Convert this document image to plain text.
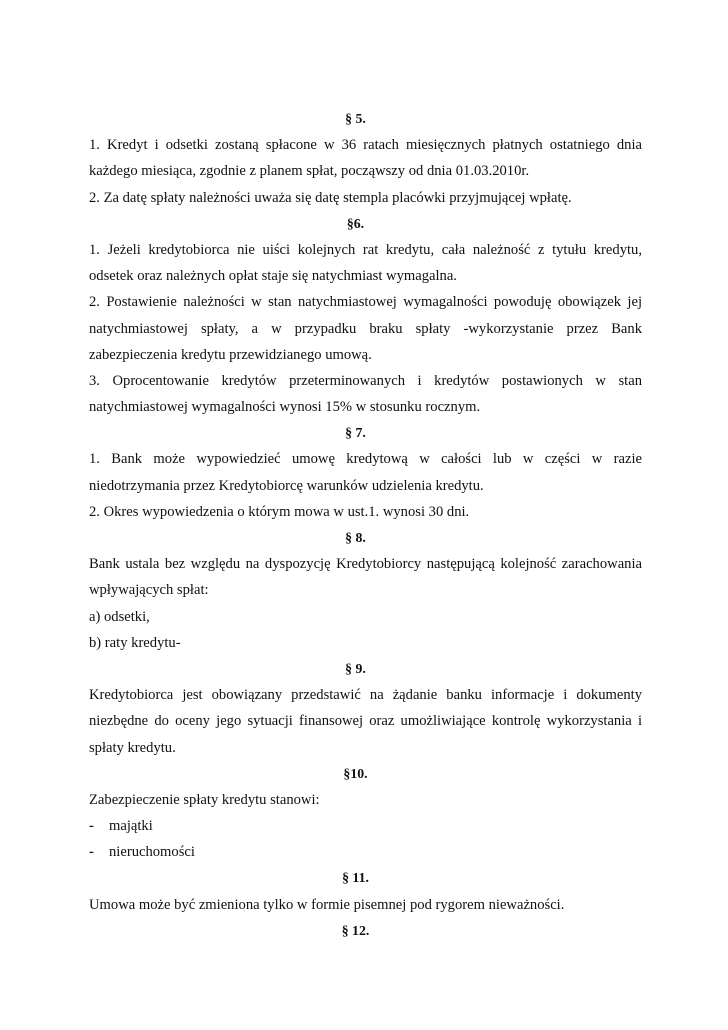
§ 5.
1. Kredyt i odsetki zostaną spłacone w 36 ratach miesięcznych płatnych ostatniego dnia
każdego miesiąca, zgodnie z planem spłat, począwszy od dnia 01.03.2010r.
2. Za datę spłaty należności uważa się datę stempla placówki przyjmującej wpłatę.
§6.
1. Jeżeli kredytobiorca nie uiści kolejnych rat kredytu, cała należność z tytułu kredytu,
odsetek oraz należnych opłat staje się natychmiast wymagalna.
2. Postawienie należności w stan natychmiastowej wymagalności powoduję obowiązek jej
natychmiastowej spłaty, a w przypadku braku spłaty -wykorzystanie przez Bank
zabezpieczenia kredytu przewidzianego umową.
3. Oprocentowanie kredytów przeterminowanych i kredytów postawionych w stan
natychmiastowej wymagalności wynosi 15% w stosunku rocznym.
§ 7.
1. Bank może wypowiedzieć umowę kredytową w całości lub w części w razie
niedotrzymania przez Kredytobiorcę warunków udzielenia kredytu.
2. Okres wypowiedzenia o którym mowa w ust.1. wynosi 30 dni.
§ 8.
Bank ustala bez względu na dyspozycję Kredytobiorcy następującą kolejność zarachowania
wpływających spłat:
a) odsetki,
b) raty kredytu-
§ 9.
Kredytobiorca jest obowiązany przedstawić na żądanie banku informacje i dokumenty
niezbędne do oceny jego sytuacji finansowej oraz umożliwiające kontrolę wykorzystania i
spłaty kredytu.
§10.
Zabezpieczenie spłaty kredytu stanowi:
-	majątki
-	nieruchomości
§ 11.
Umowa może być zmieniona tylko w formie pisemnej pod rygorem nieważności.
§ 12.
